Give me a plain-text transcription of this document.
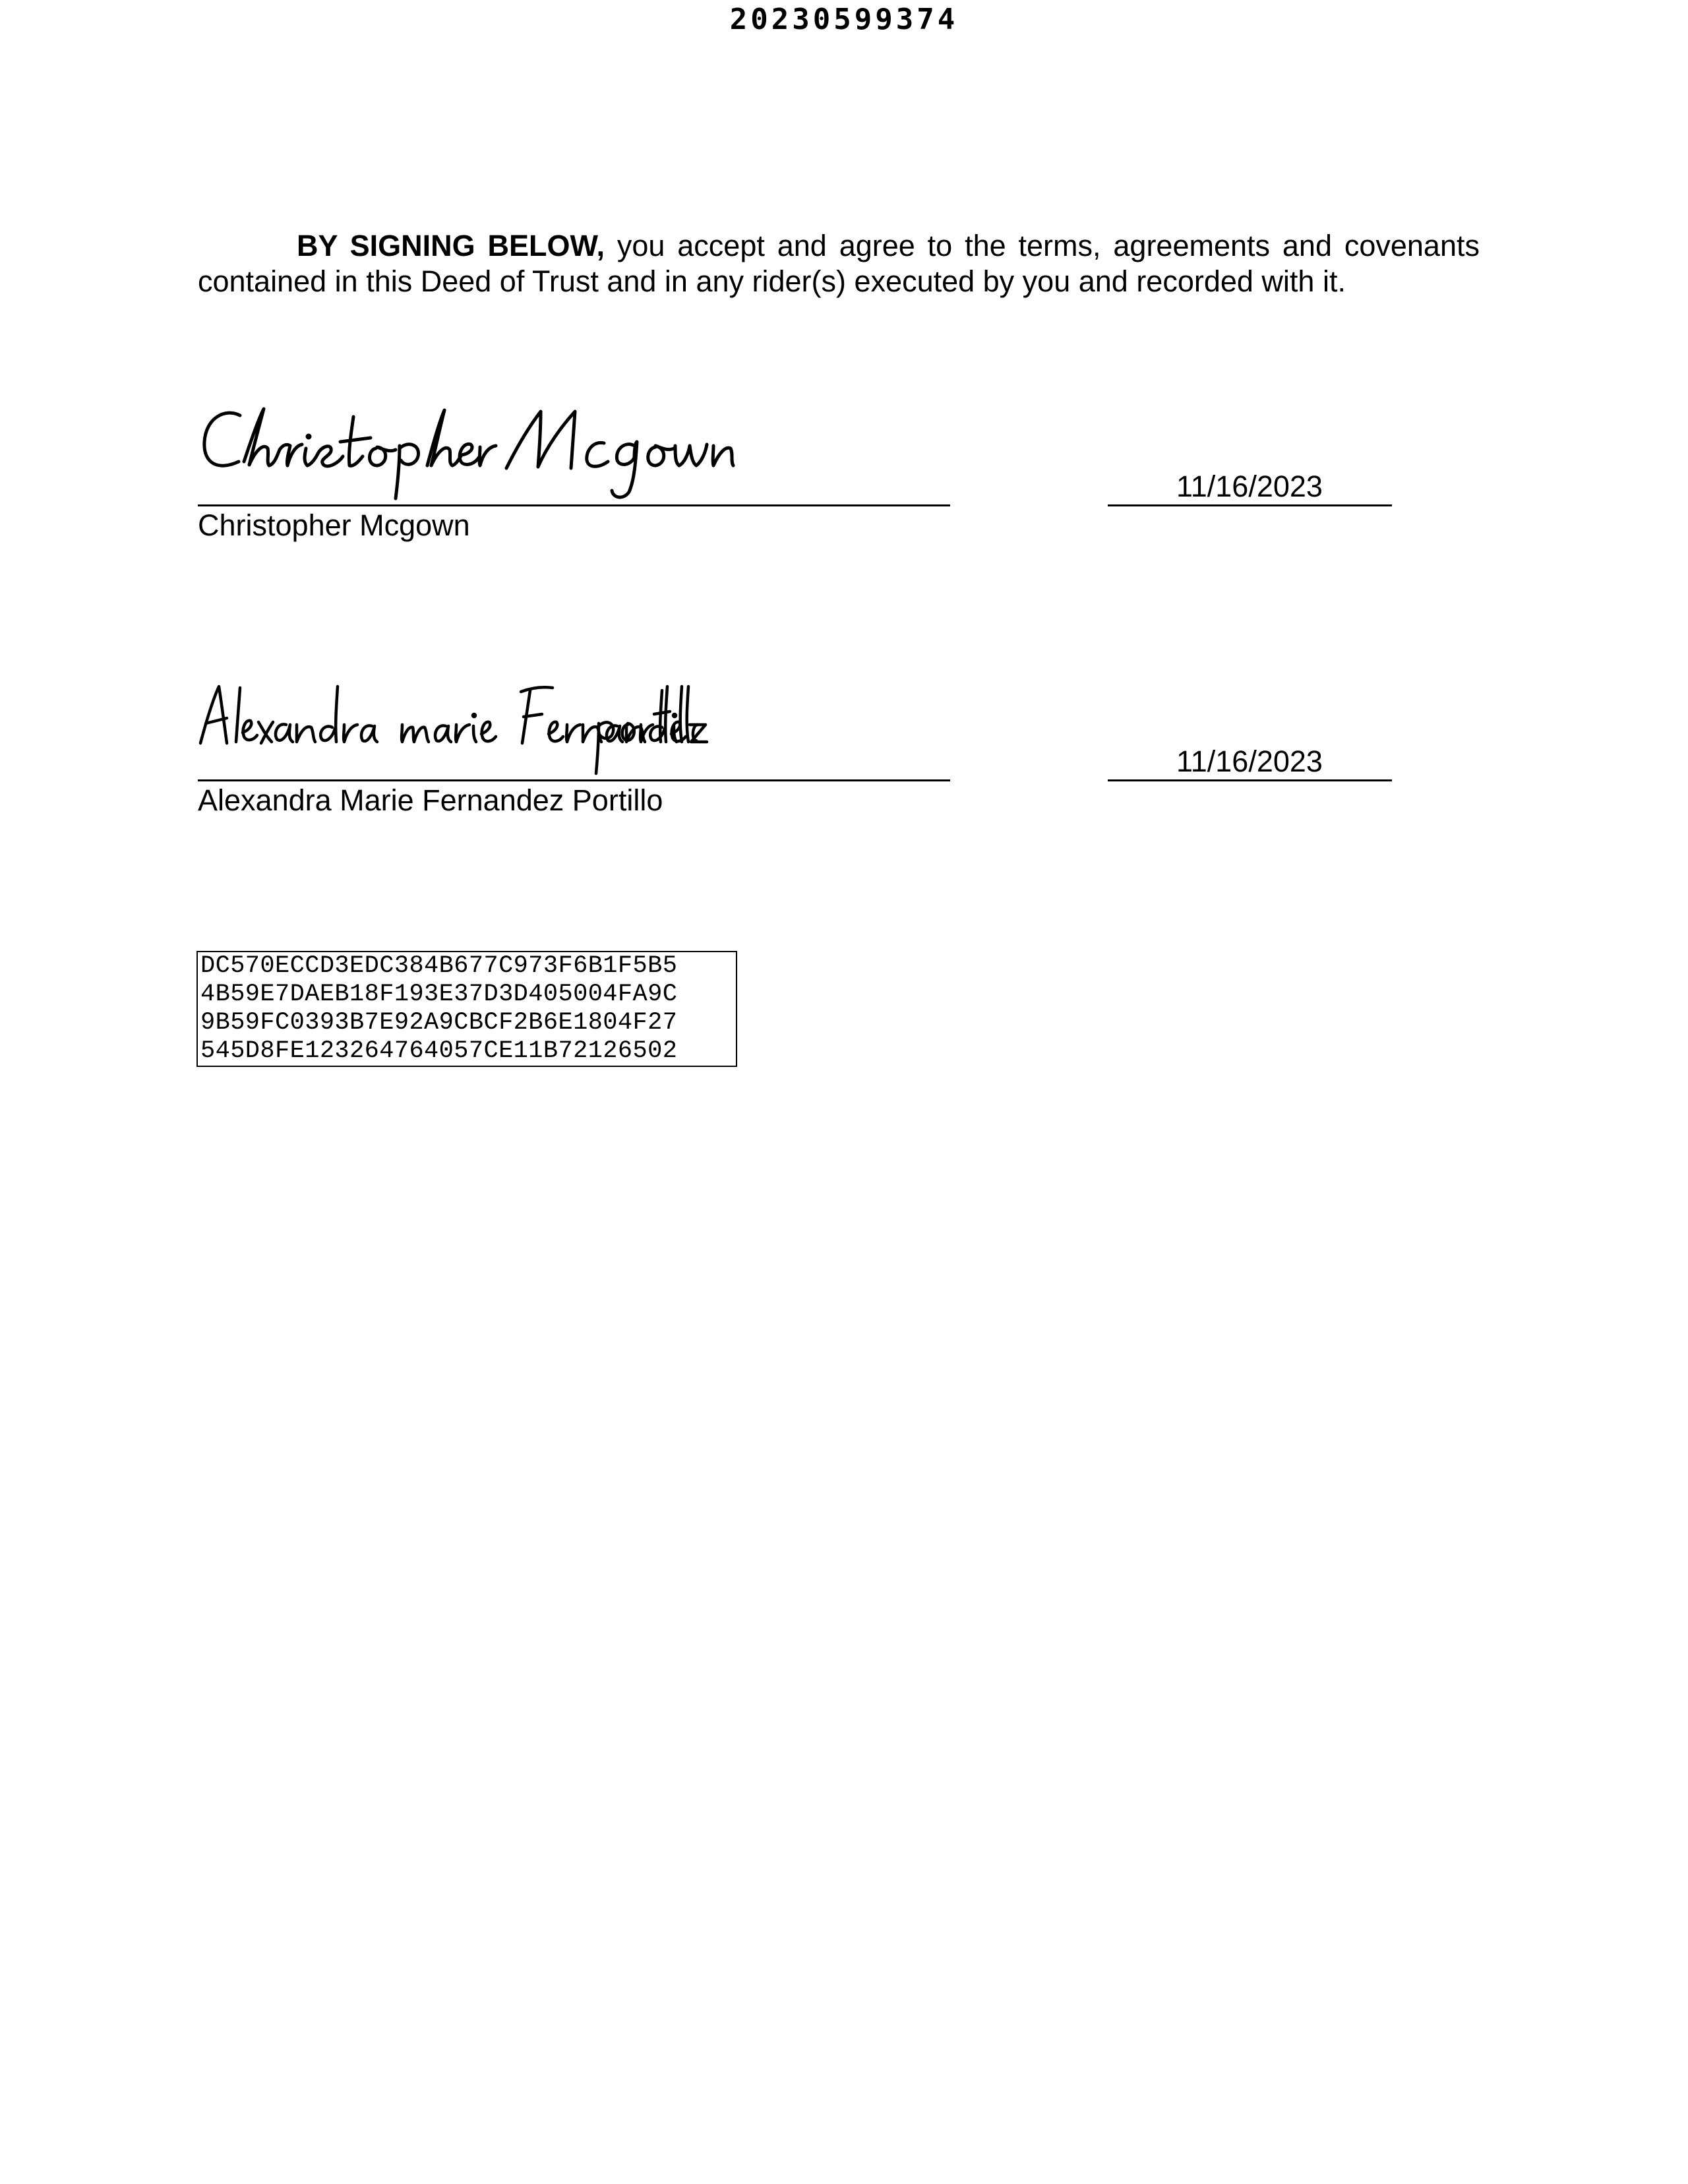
20230599374
BY SIGNING BELOW, you accept and agree to the terms, agreements and covenants contained in this Deed of Trust and in any rider(s) executed by you and recorded with it.
Christopher Mcgown
11/16/2023
Alexandra Marie Fernandez Portillo
11/16/2023
DC570ECCD3EDC384B677C973F6B1F5B5
4B59E7DAEB18F193E37D3D405004FA9C
9B59FC0393B7E92A9CBCF2B6E1804F27
545D8FE123264764057CE11B72126502
